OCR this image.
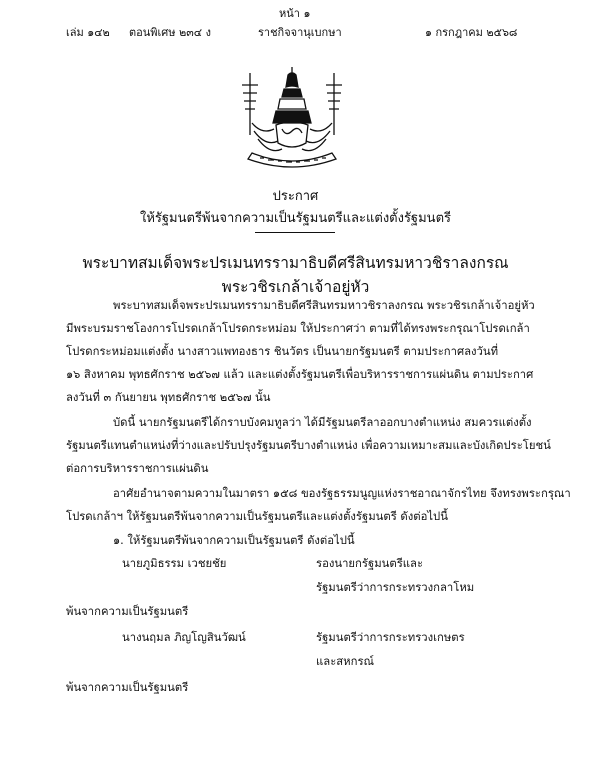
หน้า ๑
เล่ม ๑๔๒ ตอนพิเศษ ๒๓๔ ง	ราชกิจจานุเบกษา	๑ กรกฎาคม ๒๕๖๘
ประกาศ
ให้รัฐมนตรีพ้นจากความเป็นรัฐมนตรีและแต่งตั้งรัฐมนตรี
พระบาทสมเด็จพระปรเมนทรรามาธิบดีศรีสินทรมหาวชิราลงกรณ
พระวชิรเกล้าเจ้าอยู่หัว
พระบาทสมเด็จพระปรเมนทรรามาธิบดีศรีสินทรมหาวชิราลงกรณ พระวชิรเกล้าเจ้าอยู่หัว
มีพระบรมราชโองการโปรดเกล้าโปรดกระหม่อม ให้ประกาศว่า ตามที่ได้ทรงพระกรุณาโปรดเกล้า
โปรดกระหม่อมแต่งตั้ง นางสาวแพทองธาร ชินวัตร เป็นนายกรัฐมนตรี ตามประกาศลงวันที่
๑๖ สิงหาคม พุทธศักราช ๒๕๖๗ แล้ว และแต่งตั้งรัฐมนตรีเพื่อบริหารราชการแผ่นดิน ตามประกาศ
ลงวันที่ ๓ กันยายน พุทธศักราช ๒๕๖๗ นั้น
บัดนี้ นายกรัฐมนตรีได้กราบบังคมทูลว่า ได้มีรัฐมนตรีลาออกบางตำแหน่ง สมควรแต่งตั้ง
รัฐมนตรีแทนตำแหน่งที่ว่างและปรับปรุงรัฐมนตรีบางตำแหน่ง เพื่อความเหมาะสมและบังเกิดประโยชน์
ต่อการบริหารราชการแผ่นดิน
อาศัยอำนาจตามความในมาตรา ๑๕๘ ของรัฐธรรมนูญแห่งราชอาณาจักรไทย จึงทรงพระกรุณา
โปรดเกล้าฯ ให้รัฐมนตรีพ้นจากความเป็นรัฐมนตรีและแต่งตั้งรัฐมนตรี ดังต่อไปนี้
๑. ให้รัฐมนตรีพ้นจากความเป็นรัฐมนตรี ดังต่อไปนี้
นายภูมิธรรม เวชยชัย	รองนายกรัฐมนตรีและ
รัฐมนตรีว่าการกระทรวงกลาโหม
พ้นจากความเป็นรัฐมนตรี
นางนฤมล ภิญโญสินวัฒน์	รัฐมนตรีว่าการกระทรวงเกษตร
และสหกรณ์
พ้นจากความเป็นรัฐมนตรี
